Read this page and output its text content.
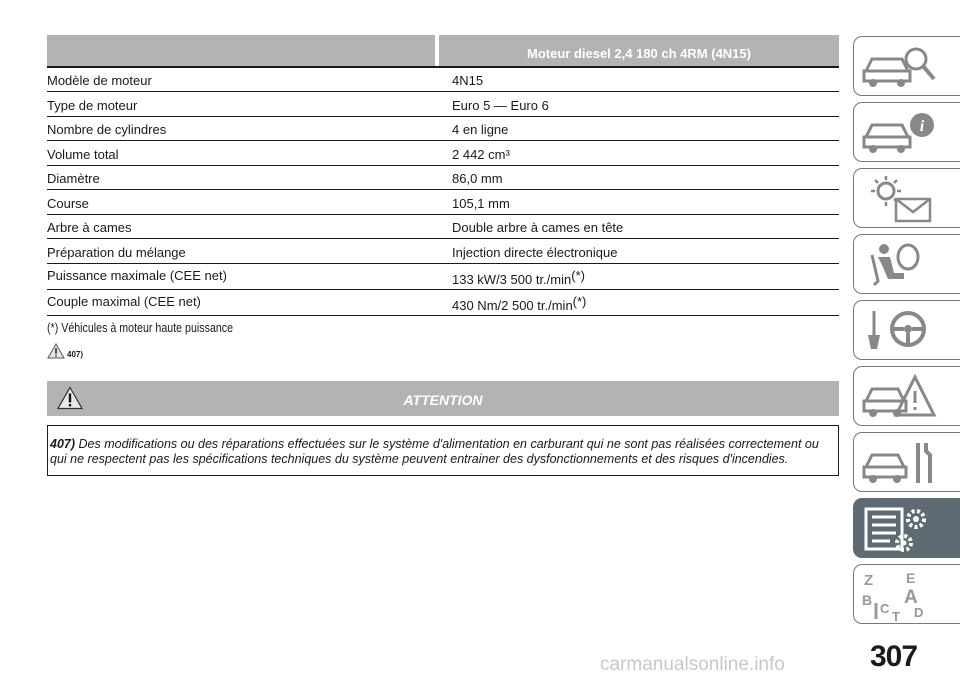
Moteur diesel 2,4 180 ch 4RM (4N15)
Modèle de moteur	4N15
Type de moteur	Euro 5 — Euro 6
Nombre de cylindres	4 en ligne
Volume total	2 442 cm³
Diamètre	86,0 mm
Course	105,1 mm
Arbre à cames	Double arbre à cames en tête
Préparation du mélange	Injection directe électronique
Puissance maximale (CEE net)	133 kW/3 500 tr./min(*)
Couple maximal (CEE net)	430 Nm/2 500 tr./min(*)
(*) Véhicules à moteur haute puissance
407)
ATTENTION
407) Des modifications ou des réparations effectuées sur le système d'alimentation en carburant qui ne sont pas réalisées correctement ou qui ne respectent pas les spécifications techniques du système peuvent entrainer des dysfonctionnements et des risques d'incendies.
i
Z E
B A
C D
T
307
carmanualsonline.info
